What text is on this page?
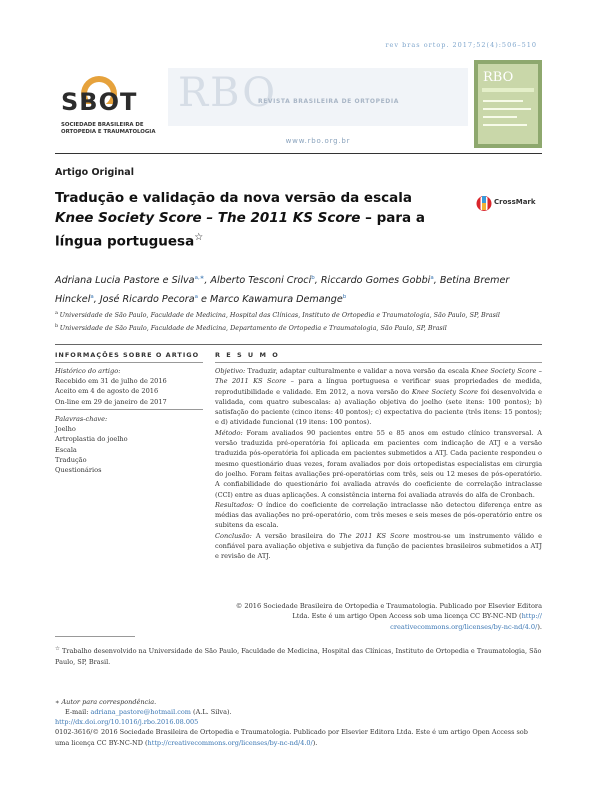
rev bras ortop. 2017;52(4):506–510
SBOT
SOCIEDADE BRASILEIRA DE
ORTOPEDIA E TRAUMATOLOGIA
RBO
REVISTA BRASILEIRA DE ORTOPEDIA
www.rbo.org.br
RBO
Artigo Original
Tradução e validação da nova versão da escala
Knee Society Score – The 2011 KS Score – para a
língua portuguesa☆
CrossMark
Adriana Lucia Pastore e Silva$^{a,∗}$, Alberto Tesconi Croci$^b$, Riccardo Gomes Gobbi$^a$, Betina Bremer Hinckel$^a$, José Ricardo Pecora$^a$ e Marco Kawamura Demange$^b$
$^a$ Universidade de São Paulo, Faculdade de Medicina, Hospital das Clínicas, Instituto de Ortopedia e Traumatologia, São Paulo, SP, Brasil
$^b$ Universidade de São Paulo, Faculdade de Medicina, Departamento de Ortopedia e Traumatologia, São Paulo, SP, Brasil
INFORMAÇÕES SOBRE O ARTIGO
Histórico do artigo:
Recebido em 31 de julho de 2016
Aceito em 4 de agosto de 2016
On-line em 29 de janeiro de 2017
Palavras-chave:
Joelho
Artroplastia do joelho
Escala
Tradução
Questionários
R E S U M O

Objetivo: Traduzir, adaptar culturalmente e validar a nova versão da escala Knee Society Score – The 2011 KS Score – para a língua portuguesa e verificar suas propriedades de medida, reprodutibilidade e validade. Em 2012, a nova versão do Knee Society Score foi desenvolvida e validada, com quatro subescalas: a) avaliação objetiva do joelho (sete itens: 100 pontos); b) satisfação do paciente (cinco itens: 40 pontos); c) expectativa do paciente (três itens: 15 pontos); e d) atividade funcional (19 itens: 100 pontos).

Método: Foram avaliados 90 pacientes entre 55 e 85 anos em estudo clínico transversal. A versão traduzida pré-operatória foi aplicada em pacientes com indicação de ATJ e a versão traduzida pós-operatória foi aplicada em pacientes submetidos a ATJ. Cada paciente respondeu o mesmo questionário duas vezes, foram avaliados por dois ortopedistas especialistas em cirurgia do joelho. Foram feitas avaliações pré-operatórias com três, seis ou 12 meses de pós-operatório. A confiabilidade do questionário foi avaliada através do coeficiente de correlação intraclasse (CCI) entre as duas aplicações. A consistência interna foi avaliada através do alfa de Cronbach.

Resultados: O índice do coeficiente de correlação intraclasse não detectou diferença entre as médias das avaliações no pré-operatório, com três meses e seis meses de pós-operatório entre os subitens da escala.

Conclusão: A versão brasileira do The 2011 KS Score mostrou-se um instrumento válido e confiável para avaliação objetiva e subjetiva da função de pacientes brasileiros submetidos a ATJ e revisão de ATJ.

© 2016 Sociedade Brasileira de Ortopedia e Traumatologia. Publicado por Elsevier Editora
Ltda. Este é um artigo Open Access sob uma licença CC BY-NC-ND (http://
creativecommons.org/licenses/by-nc-nd/4.0/).
☆ Trabalho desenvolvido na Universidade de São Paulo, Faculdade de Medicina, Hospital das Clínicas, Instituto de Ortopedia e Traumatologia, São Paulo, SP, Brasil.
∗ Autor para correspondência.
E-mail: adriana_pastore@hotmail.com (A.L. Silva).
http://dx.doi.org/10.1016/j.rbo.2016.08.005
0102-3616/© 2016 Sociedade Brasileira de Ortopedia e Traumatologia. Publicado por Elsevier Editora Ltda. Este é um artigo Open Access sob uma licença CC BY-NC-ND (http://creativecommons.org/licenses/by-nc-nd/4.0/).
